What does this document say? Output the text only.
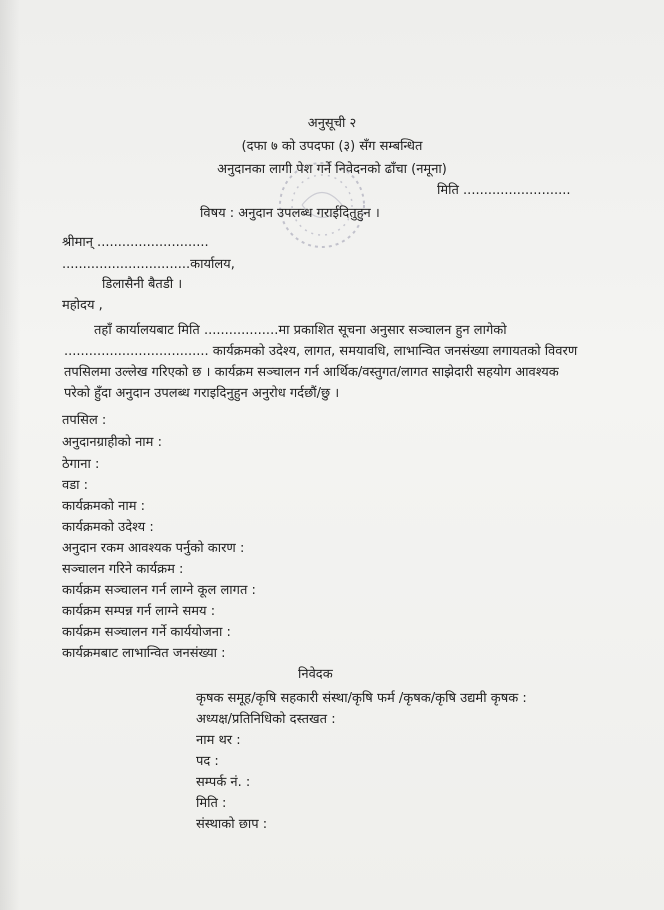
अनुसूची २
(दफा ७ को उपदफा (३) सँग सम्बन्धित
अनुदानका लागी पेश गर्ने निवेदनको ढाँचा (नमूना)
मिति ..........................
विषय : अनुदान उपलब्ध गराईदितुहुन ।
श्रीमान् ...........................
...............................कार्यालय,
डिलासैनी बैतडी ।
महोदय ,
तहाँ कार्यालयबाट मिति ..................मा प्रकाशित सूचना अनुसार सञ्चालन हुन लागेको ................................... कार्यक्रमको उदेश्य, लागत, समयावधि, लाभान्वित जनसंख्या लगायतको विवरण तपसिलमा उल्लेख गरिएको छ । कार्यक्रम सञ्चालन गर्न आर्थिक/वस्तुगत/लागत साझेदारी सहयोग आवश्यक परेको हुँदा अनुदान उपलब्ध गराइदिनुहुन अनुरोध गर्दछौं/छु ।
तपसिल :
अनुदानग्राहीको नाम :
ठेगाना :
वडा :
कार्यक्रमको नाम :
कार्यक्रमको उदेश्य :
अनुदान रकम आवश्यक पर्नुको कारण :
सञ्चालन गरिने कार्यक्रम :
कार्यक्रम सञ्चालन गर्न लाग्ने कूल लागत :
कार्यक्रम सम्पन्न गर्न लाग्ने समय :
कार्यक्रम सञ्चालन गर्ने कार्ययोजना :
कार्यक्रमबाट लाभान्वित जनसंख्या :
निवेदक
कृषक समूह/कृषि सहकारी संस्था/कृषि फर्म /कृषक/कृषि उद्यमी कृषक :
अध्यक्ष/प्रतिनिधिको दस्तखत :
नाम थर :
पद :
सम्पर्क नं. :
मिति :
संस्थाको छाप :
